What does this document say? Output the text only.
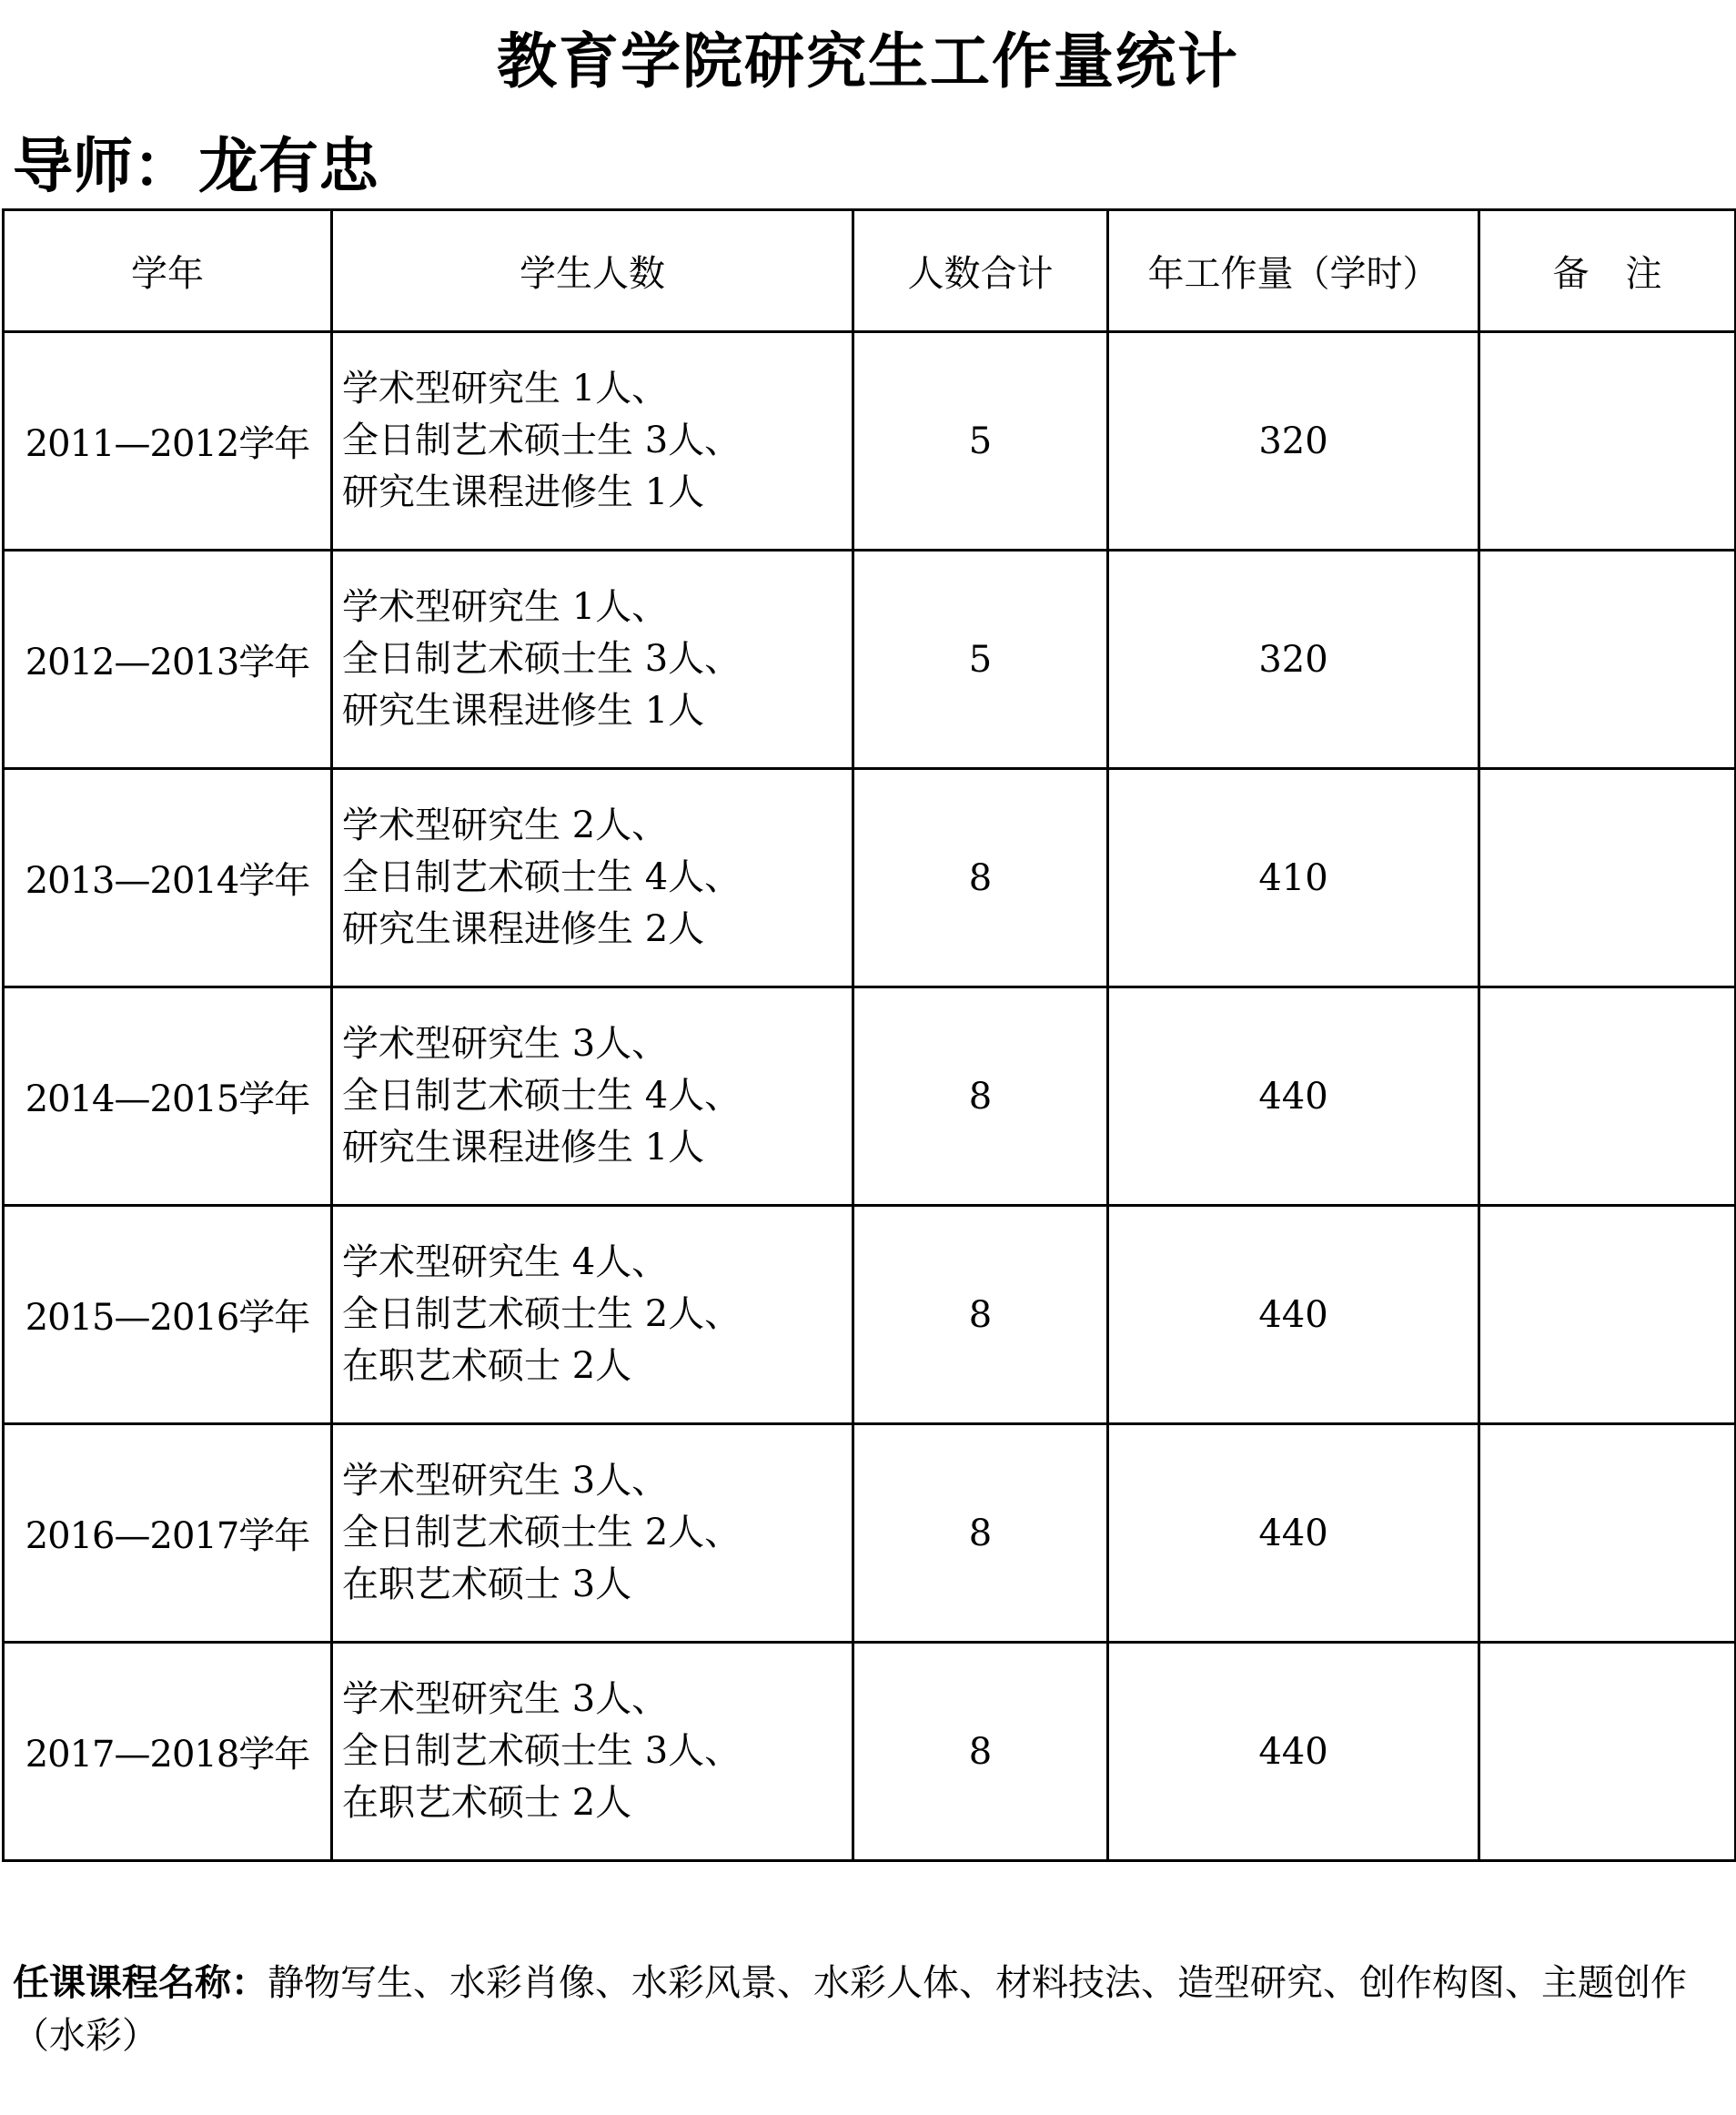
教育学院研究生工作量统计
导师：龙有忠
学年	学生人数	人数合计	年工作量（学时）	备　注
2011—2012学年	学术型研究生 1人、
全日制艺术硕士生 3人、
研究生课程进修生 1人	5	320	
2012—2013学年	学术型研究生 1人、
全日制艺术硕士生 3人、
研究生课程进修生 1人	5	320	
2013—2014学年	学术型研究生 2人、
全日制艺术硕士生 4人、
研究生课程进修生 2人	8	410	
2014—2015学年	学术型研究生 3人、
全日制艺术硕士生 4人、
研究生课程进修生 1人	8	440	
2015—2016学年	学术型研究生 4人、
全日制艺术硕士生 2人、
在职艺术硕士 2人	8	440	
2016—2017学年	学术型研究生 3人、
全日制艺术硕士生 2人、
在职艺术硕士 3人	8	440	
2017—2018学年	学术型研究生 3人、
全日制艺术硕士生 3人、
在职艺术硕士 2人	8	440	
任课课程名称：静物写生、水彩肖像、水彩风景、水彩人体、材料技法、造型研究、创作构图、主题创作（水彩）
